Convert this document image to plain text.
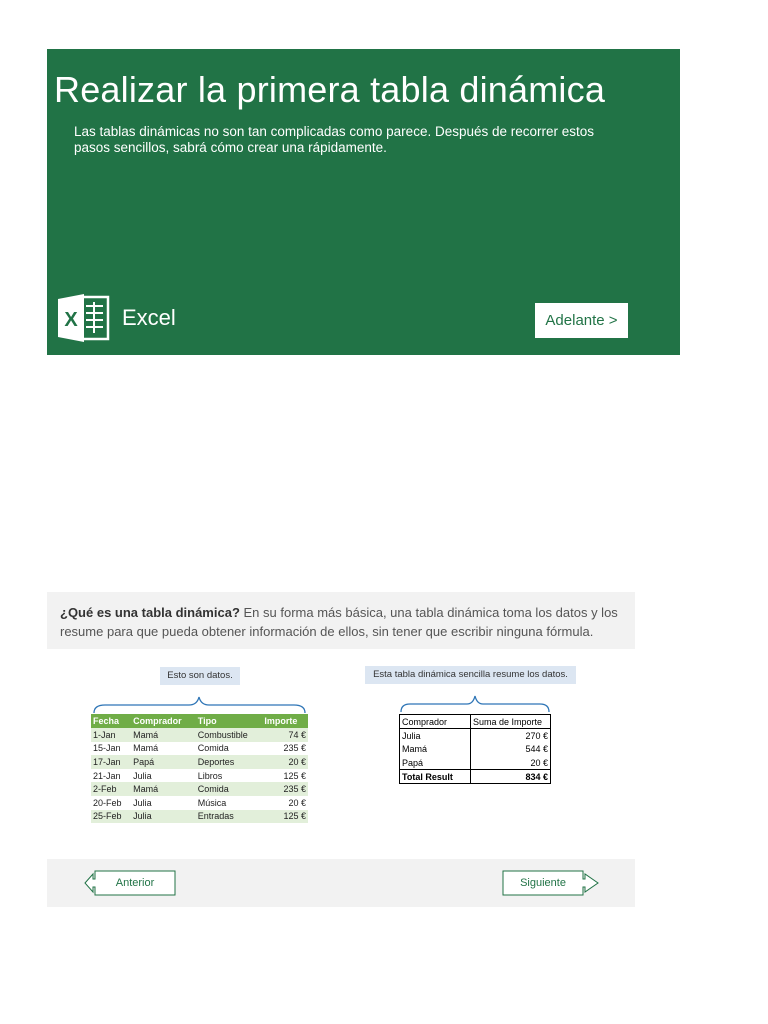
Realizar la primera tabla dinámica

Las tablas dinámicas no son tan complicadas como parece. Después de recorrer estos pasos sencillos, sabrá cómo crear una rápidamente.

X Excel	Adelante >

¿Qué es una tabla dinámica? En su forma más básica, una tabla dinámica toma los datos y los resume para que pueda obtener información de ellos, sin tener que escribir ninguna fórmula.

Esto son datos.	Esta tabla dinámica sencilla resume los datos.
Fecha	Comprador	Tipo	Importe
1-Jan	Mamá	Combustible	74 €
15-Jan	Mamá	Comida	235 €
17-Jan	Papá	Deportes	20 €
21-Jan	Julia	Libros	125 €
2-Feb	Mamá	Comida	235 €
20-Feb	Julia	Música	20 €
25-Feb	Julia	Entradas	125 €
Comprador	Suma de Importe
Julia	270 €
Mamá	544 €
Papá	20 €
Total Result	834 €
Anterior	Siguiente
